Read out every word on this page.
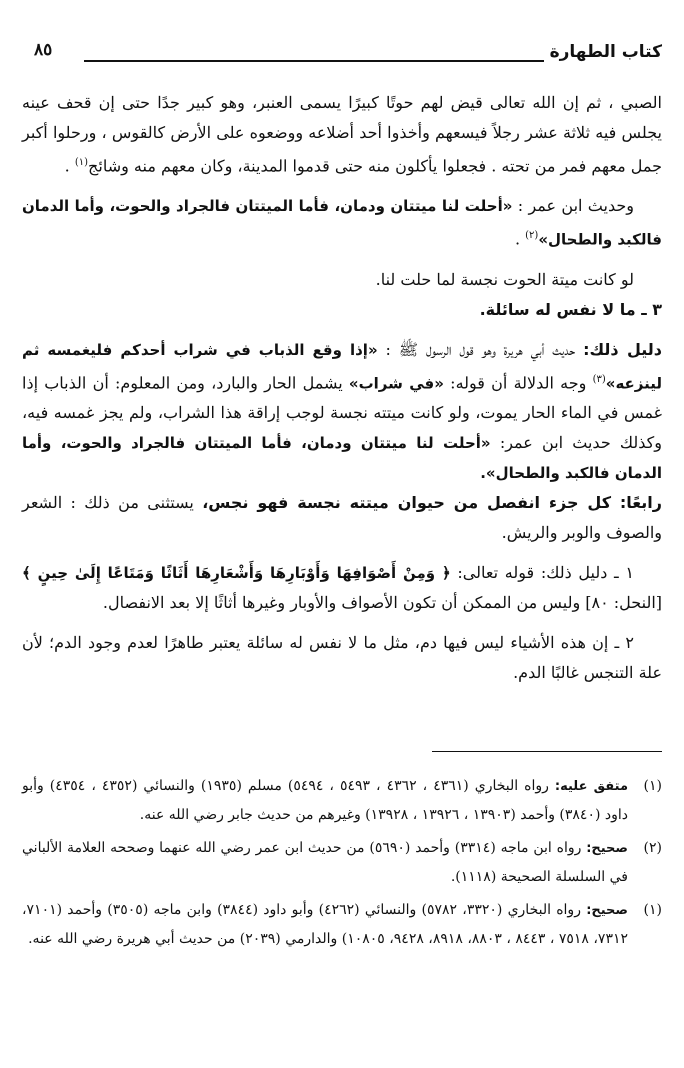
كتاب الطهارة
٨٥

الصبي ، ثم إن الله تعالى قيض لهم حوتًا كبيرًا يسمى العنبر، وهو كبير جدًا حتى إن قحف عينه يجلس فيه ثلاثة عشر رجلاً فيسعهم وأخذوا أحد أضلاعه ووضعوه على الأرض كالقوس ، ورحلوا أكبر جمل معهم فمر من تحته . فجعلوا يأكلون منه حتى قدموا المدينة، وكان معهم منه وشائج$^{(١)}$ .

وحديث ابن عمر : «أحلت لنا ميتتان ودمان، فأما الميتتان فالجراد والحوت، وأما الدمان فالكبد والطحال»$^{(٢)}$ .

لو كانت ميتة الحوت نجسة لما حلت لنا.

٣ ـ ما لا نفس له سائلة.

دليل ذلك: حديث أبي هريرة وهو قول الرسول ﷺ : «إذا وقع الذباب في شراب أحدكم فليغمسه ثم لينزعه»$^{(٣)}$ وجه الدلالة أن قوله: «في شراب» يشمل الحار والبارد، ومن المعلوم: أن الذباب إذا غمس في الماء الحار يموت، ولو كانت ميتته نجسة لوجب إراقة هذا الشراب، ولم يجز غمسه فيه، وكذلك حديث ابن عمر: «أحلت لنا ميتتان ودمان، فأما الميتتان فالجراد والحوت، وأما الدمان فالكبد والطحال».

رابعًا: كل جزء انفصل من حيوان ميتته نجسة فهو نجس، يستثنى من ذلك : الشعر والصوف والوبر والريش.

١ ـ دليل ذلك: قوله تعالى: ﴿ وَمِنْ أَصْوَافِهَا وَأَوْبَارِهَا وَأَشْعَارِهَا أَثَاثًا وَمَتَاعًا إِلَىٰ حِينٍ ﴾ [النحل: ٨٠] وليس من الممكن أن تكون الأصواف والأوبار وغيرها أثاثًا إلا بعد الانفصال.

٢ ـ إن هذه الأشياء ليس فيها دم، مثل ما لا نفس له سائلة يعتبر طاهرًا لعدم وجود الدم؛ لأن علة التنجس غالبًا الدم.

(١)
متفق عليه: رواه البخاري (٤٣٦١ ، ٤٣٦٢ ، ٥٤٩٣ ، ٥٤٩٤) مسلم (١٩٣٥) والنسائي (٤٣٥٢ ، ٤٣٥٤) وأبو داود (٣٨٤٠) وأحمد (١٣٩٠٣ ، ١٣٩٢٦ ، ١٣٩٢٨) وغيرهم من حديث جابر رضي الله عنه.

(٢)
صحيح: رواه ابن ماجه (٣٣١٤) وأحمد (٥٦٩٠) من حديث ابن عمر رضي الله عنهما وصححه العلامة الألباني في السلسلة الصحيحة (١١١٨).

(١)
صحيح: رواه البخاري (٣٣٢٠، ٥٧٨٢) والنسائي (٤٢٦٢) وأبو داود (٣٨٤٤) وابن ماجه (٣٥٠٥) وأحمد (٧١٠١، ٧٣١٢، ٧٥١٨ ، ٨٤٤٣ ، ٨٨٠٣، ٨٩١٨، ٩٤٢٨، ١٠٨٠٥) والدارمي (٢٠٣٩) من حديث أبي هريرة رضي الله عنه.
